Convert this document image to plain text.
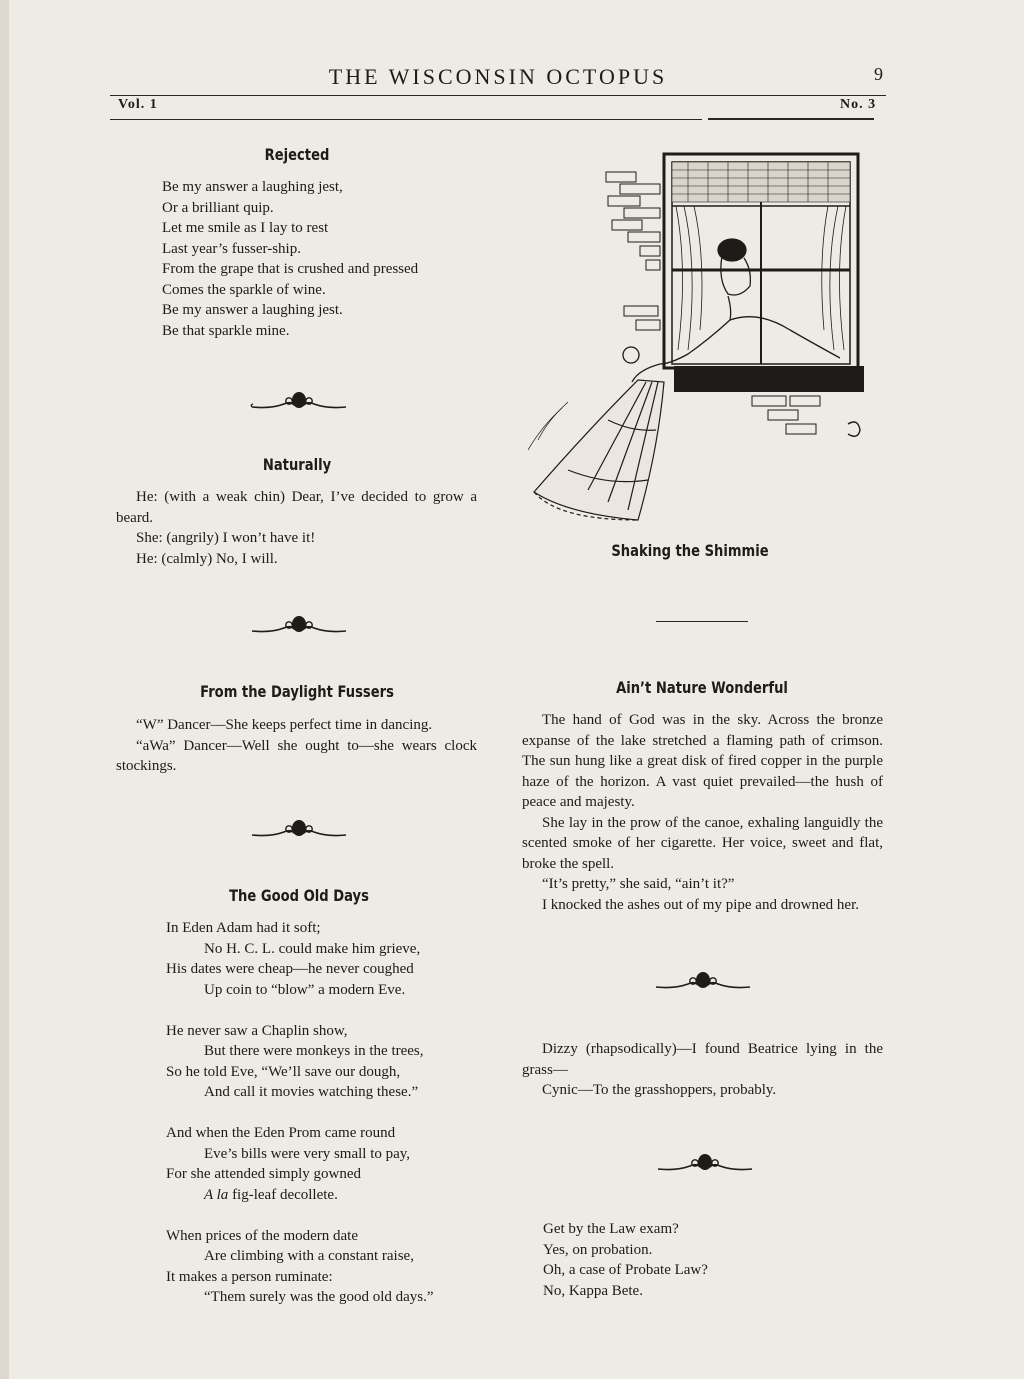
THE WISCONSIN OCTOPUS	9
Vol. 1	No. 3
Rejected
Be my answer a laughing jest,
Or a brilliant quip.
Let me smile as I lay to rest
Last year’s fusser-ship.
From the grape that is crushed and pressed
Comes the sparkle of wine.
Be my answer a laughing jest.
Be that sparkle mine.
Naturally

He: (with a weak chin) Dear, I’ve decided to grow a beard.

She: (angrily) I won’t have it!

He: (calmly) No, I will.

From the Daylight Fussers

“W” Dancer—She keeps perfect time in dancing.

“aWa” Dancer—Well she ought to—she wears clock stockings.

The Good Old Days
In Eden Adam had it soft;
No H. C. L. could make him grieve,
His dates were cheap—he never coughed
Up coin to “blow” a modern Eve.
He never saw a Chaplin show,
But there were monkeys in the trees,
So he told Eve, “We’ll save our dough,
And call it movies watching these.”
And when the Eden Prom came round
Eve’s bills were very small to pay,
For she attended simply gowned
A la fig-leaf decollete.
When prices of the modern date
Are climbing with a constant raise,
It makes a person ruminate:
“Them surely was the good old days.”
Shaking the Shimmie
Ain’t Nature Wonderful

The hand of God was in the sky. Across the bronze expanse of the lake stretched a flaming path of crimson. The sun hung like a great disk of fired copper in the purple haze of the horizon. A vast quiet prevailed—the hush of peace and majesty.

She lay in the prow of the canoe, exhaling languidly the scented smoke of her cigarette. Her voice, sweet and flat, broke the spell.

“It’s pretty,” she said, “ain’t it?”

I knocked the ashes out of my pipe and drowned her.

Dizzy (rhapsodically)—I found Beatrice lying in the grass—

Cynic—To the grasshoppers, probably.

Get by the Law exam?
Yes, on probation.
Oh, a case of Probate Law?
No, Kappa Bete.
